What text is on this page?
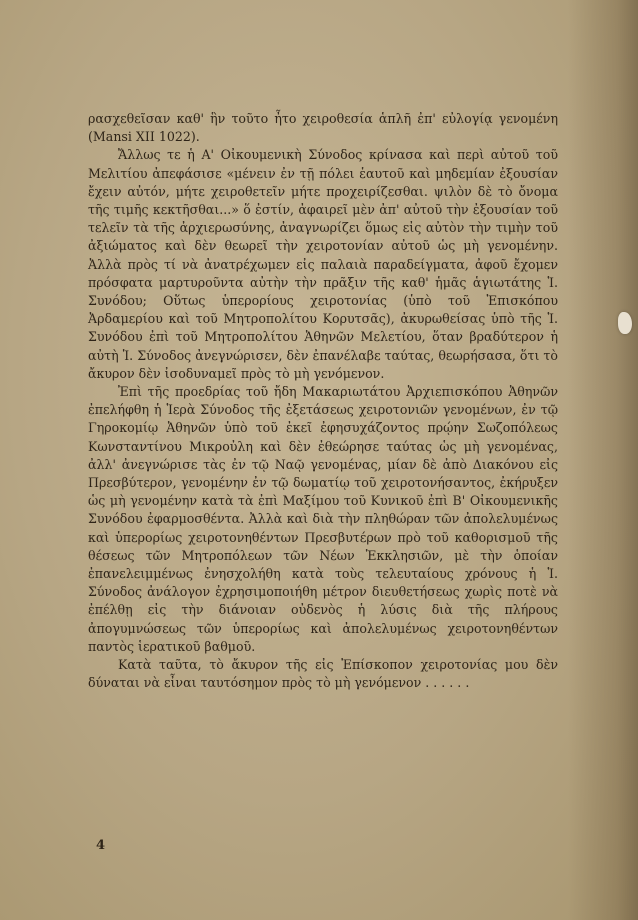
ρασχεθεῖσαν καθ' ἣν τοῦτο ἦτο χειροθεσία ἁπλῆ ἐπ' εὐλογίᾳ γενομένη (Mansi XII 1022).

Ἄλλως τε ἡ Α' Οἰκουμενικὴ Σύνοδος κρίνασα καὶ περὶ αὐτοῦ τοῦ Μελιτίου ἀπεφάσισε «μένειν ἐν τῇ πόλει ἑαυτοῦ καὶ μηδεμίαν ἐξουσίαν ἔχειν αὐτόν, μήτε χειροθετεῖν μήτε προχειρίζεσθαι. ψιλὸν δὲ τὸ ὄνομα τῆς τιμῆς κεκτῆσθαι...» ὅ ἐστίν, ἀφαιρεῖ μὲν ἀπ' αὐτοῦ τὴν ἐξουσίαν τοῦ τελεῖν τὰ τῆς ἀρχιερωσύνης, ἀναγνωρίζει ὅμως εἰς αὐτὸν τὴν τιμὴν τοῦ ἀξιώματος καὶ δὲν θεωρεῖ τὴν χειροτονίαν αὐτοῦ ὡς μὴ γενομένην. Ἀλλὰ πρὸς τί νὰ ἀνατρέχωμεν εἰς παλαιὰ παραδείγματα, ἀφοῦ ἔχομεν πρόσφατα μαρτυροῦντα αὐτὴν τὴν πρᾶξιν τῆς καθ' ἡμᾶς ἁγιωτάτης Ἱ. Συνόδου; Οὕτως ὑπερορίους χειροτονίας (ὑπὸ τοῦ Ἐπισκόπου Ἀρδαμερίου καὶ τοῦ Μητροπολίτου Κορυτσᾶς), ἀκυρωθείσας ὑπὸ τῆς Ἱ. Συνόδου ἐπὶ τοῦ Μητροπολίτου Ἀθηνῶν Μελετίου, ὅταν βραδύτερον ἡ αὐτὴ Ἱ. Σύνοδος ἀνεγνώρισεν, δὲν ἐπανέλαβε ταύτας, θεωρήσασα, ὅτι τὸ ἄκυρον δὲν ἰσοδυναμεῖ πρὸς τὸ μὴ γενόμενον.

Ἐπὶ τῆς προεδρίας τοῦ ἤδη Μακαριωτάτου Ἀρχιεπισκόπου Ἀθηνῶν ἐπελήφθη ἡ Ἱερὰ Σύνοδος τῆς ἐξετάσεως χειροτονιῶν γενομένων, ἐν τῷ Γηροκομίῳ Ἀθηνῶν ὑπὸ τοῦ ἐκεῖ ἐφησυχάζοντος πρῴην Σωζοπόλεως Κωνσταντίνου Μικροὐλη καὶ δὲν ἐθεώρησε ταύτας ὡς μὴ γενομένας, ἀλλ' ἀνεγνώρισε τὰς ἐν τῷ Ναῷ γενομένας, μίαν δὲ ἀπὸ Διακόνου εἰς Πρεσβύτερον, γενομένην ἐν τῷ δωματίῳ τοῦ χειροτονήσαντος, ἐκήρυξεν ὡς μὴ γενομένην κατὰ τὰ ἐπὶ Μαξίμου τοῦ Κυνικοῦ ἐπὶ Β' Οἰκουμενικῆς Συνόδου ἐφαρμοσθέντα. Ἀλλὰ καὶ διὰ τὴν πληθώραν τῶν ἀπολελυμένως καὶ ὑπερορίως χειροτονηθέντων Πρεσβυτέρων πρὸ τοῦ καθορισμοῦ τῆς θέσεως τῶν Μητροπόλεων τῶν Νέων Ἐκκλησιῶν, μὲ τὴν ὁποίαν ἐπανελειμμένως ἐνησχολήθη κατὰ τοὺς τελευταίους χρόνους ἡ Ἱ. Σύνοδος ἀνάλογον ἐχρησιμοποιήθη μέτρον διευθετήσεως χωρὶς ποτὲ νὰ ἐπέλθῃ εἰς τὴν διάνοιαν οὐδενὸς ἡ λύσις διὰ τῆς πλήρους ἀπογυμνώσεως τῶν ὑπερορίως καὶ ἀπολελυμένως χειροτονηθέντων παντὸς ἱερατικοῦ βαθμοῦ.

Κατὰ ταῦτα, τὸ ἄκυρον τῆς εἰς Ἐπίσκοπον χειροτονίας μου δὲν δύναται νὰ εἶναι ταυτόσημον πρὸς τὸ μὴ γενόμενον . . . . . .

4
